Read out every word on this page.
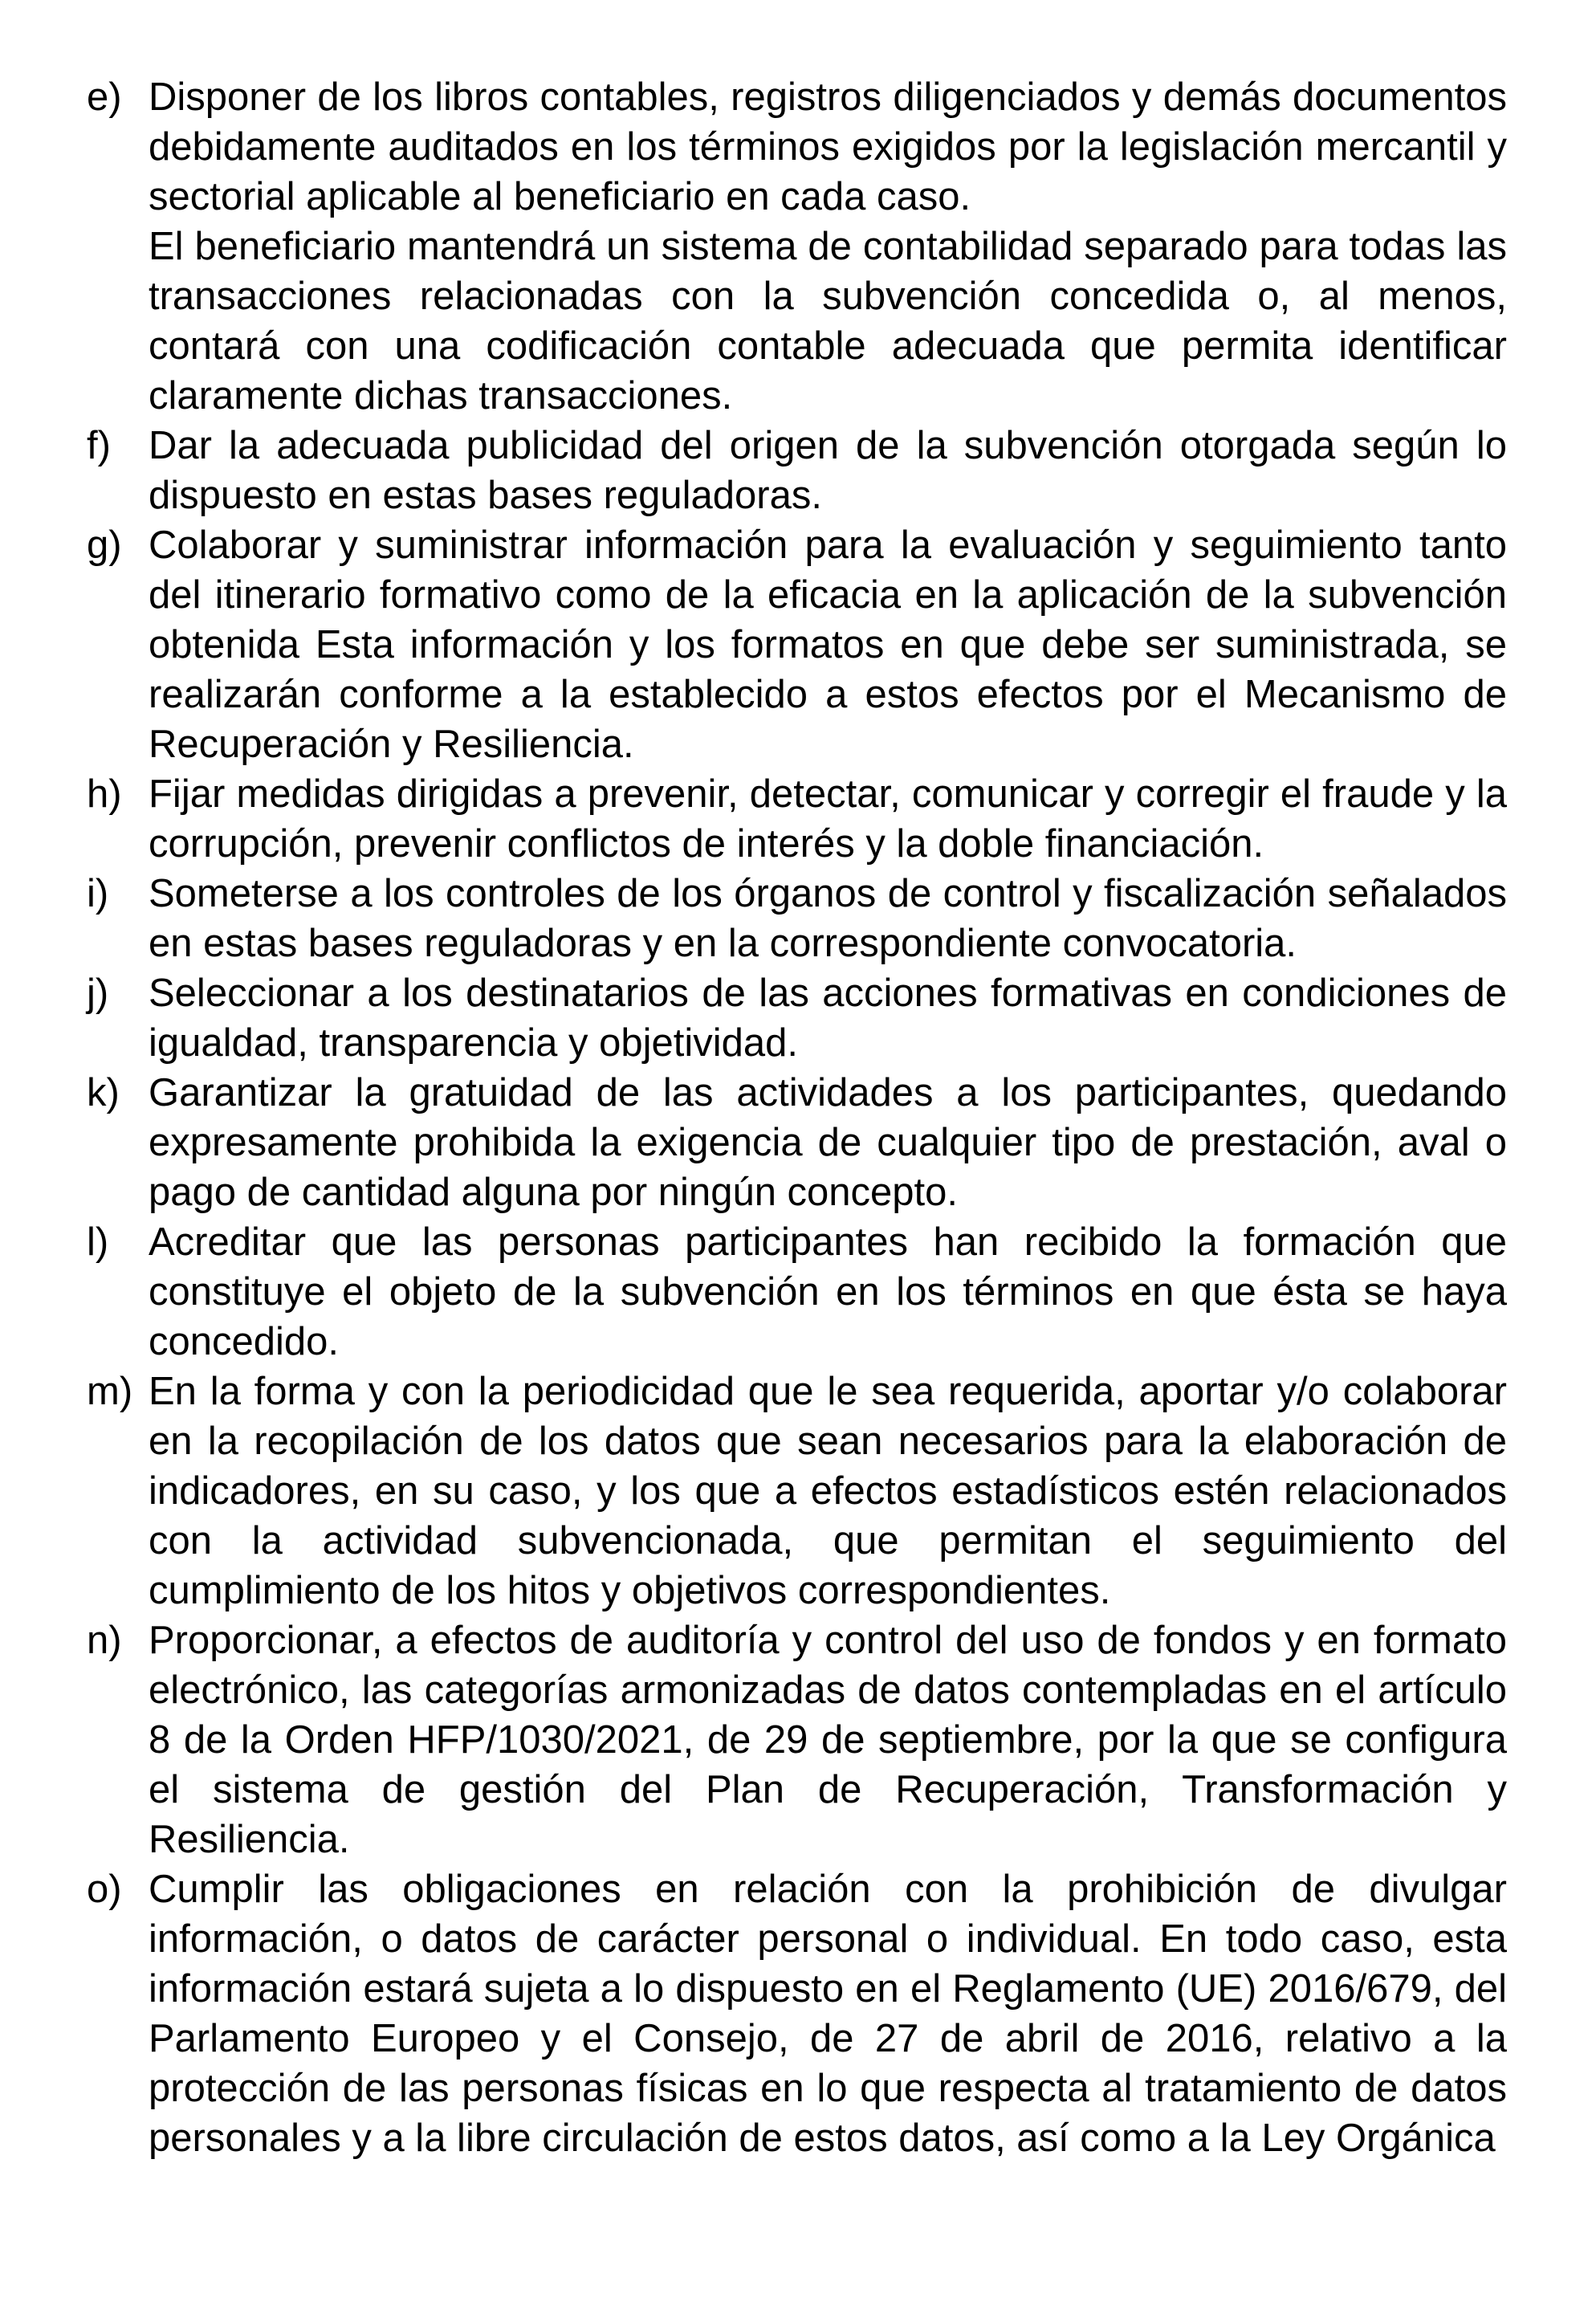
e) Disponer de los libros contables, registros diligenciados y demás documentos debidamente auditados en los términos exigidos por la legislación mercantil y sectorial aplicable al beneficiario en cada caso.

El beneficiario mantendrá un sistema de contabilidad separado para todas las transacciones relacionadas con la subvención concedida o, al menos, contará con una codificación contable adecuada que permita identificar claramente dichas transacciones.

f) Dar la adecuada publicidad del origen de la subvención otorgada según lo dispuesto en estas bases reguladoras.

g) Colaborar y suministrar información para la evaluación y seguimiento tanto del itinerario formativo como de la eficacia en la aplicación de la subvención obtenida Esta información y los formatos en que debe ser suministrada, se realizarán conforme a la establecido a estos efectos por el Mecanismo de Recuperación y Resiliencia.

h) Fijar medidas dirigidas a prevenir, detectar, comunicar y corregir el fraude y la corrupción, prevenir conflictos de interés y la doble financiación.

i)	Someterse a los controles de los órganos de control y fiscalización señalados en estas bases reguladoras y en la correspondiente convocatoria.

j)	Seleccionar a los destinatarios de las acciones formativas en condiciones de igualdad, transparencia y objetividad.

k) Garantizar la gratuidad de las actividades a los participantes, quedando expresamente prohibida la exigencia de cualquier tipo de prestación, aval o pago de cantidad alguna por ningún concepto.

l)	Acreditar que las personas participantes han recibido la formación que constituye el objeto de la subvención en los términos en que ésta se haya concedido.

m) En la forma y con la periodicidad que le sea requerida, aportar y/o colaborar en la recopilación de los datos que sean necesarios para la elaboración de indicadores, en su caso, y los que a efectos estadísticos estén relacionados con la actividad subvencionada, que permitan el seguimiento del cumplimiento de los hitos y objetivos correspondientes.

n) Proporcionar, a efectos de auditoría y control del uso de fondos y en formato electrónico, las categorías armonizadas de datos contempladas en el artículo 8 de la Orden HFP/1030/2021, de 29 de septiembre, por la que se configura el sistema de gestión del Plan de Recuperación, Transformación y Resiliencia.

o) Cumplir las obligaciones en relación con la prohibición de divulgar información, o datos de carácter personal o individual. En todo caso, esta información estará sujeta a lo dispuesto en el Reglamento (UE) 2016/679, del Parlamento Europeo y el Consejo, de 27 de abril de 2016, relativo a la protección de las personas físicas en lo que respecta al tratamiento de datos personales y a la libre circulación de estos datos, así como a la Ley Orgánica
